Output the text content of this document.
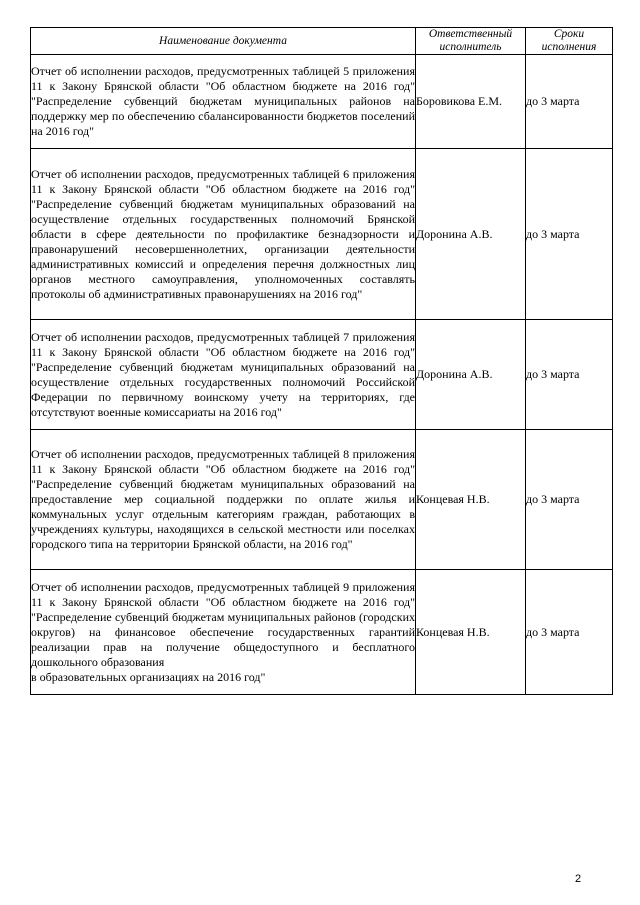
Наименование документа	Ответственный исполнитель	Сроки исполнения
Отчет об исполнении расходов, предусмотренных таблицей 5 приложения 11 к Закону Брянской области "Об областном бюджете на 2016 год" "Распределение субвенций бюджетам муниципальных районов на поддержку мер по обеспечению сбалансированности бюджетов поселений на 2016 год"	Боровикова Е.М.	до 3 марта
Отчет об исполнении расходов, предусмотренных таблицей 6 приложения 11 к Закону Брянской области "Об областном бюджете на 2016 год" "Распределение субвенций бюджетам муниципальных образований на осуществление отдельных государственных полномочий Брянской области в сфере деятельности по профилактике безнадзорности и правонарушений несовершеннолетних, организации деятельности административных комиссий и определения перечня должностных лиц органов местного самоуправления, уполномоченных составлять протоколы об административных правонарушениях на 2016 год"	Доронина А.В.	до 3 марта
Отчет об исполнении расходов, предусмотренных таблицей 7 приложения 11 к Закону Брянской области "Об областном бюджете на 2016 год" "Распределение субвенций бюджетам муниципальных образований на осуществление отдельных государственных полномочий Российской Федерации по первичному воинскому учету на территориях, где отсутствуют военные комиссариаты на 2016 год"	Доронина А.В.	до 3 марта
Отчет об исполнении расходов, предусмотренных таблицей 8 приложения 11 к Закону Брянской области "Об областном бюджете на 2016 год" "Распределение субвенций бюджетам муниципальных образований на предоставление мер социальной поддержки по оплате жилья и коммунальных услуг отдельным категориям граждан, работающих в учреждениях культуры, находящихся в сельской местности или поселках городского типа на территории Брянской области, на 2016 год"	Концевая Н.В.	до 3 марта
Отчет об исполнении расходов, предусмотренных таблицей 9 приложения 11 к Закону Брянской области "Об областном бюджете на 2016 год" "Распределение субвенций бюджетам муниципальных районов (городских округов) на финансовое обеспечение государственных гарантий реализации прав на получение общедоступного и бесплатного дошкольного образования
в образовательных организациях на 2016 год"	Концевая Н.В.	до 3 марта
2
